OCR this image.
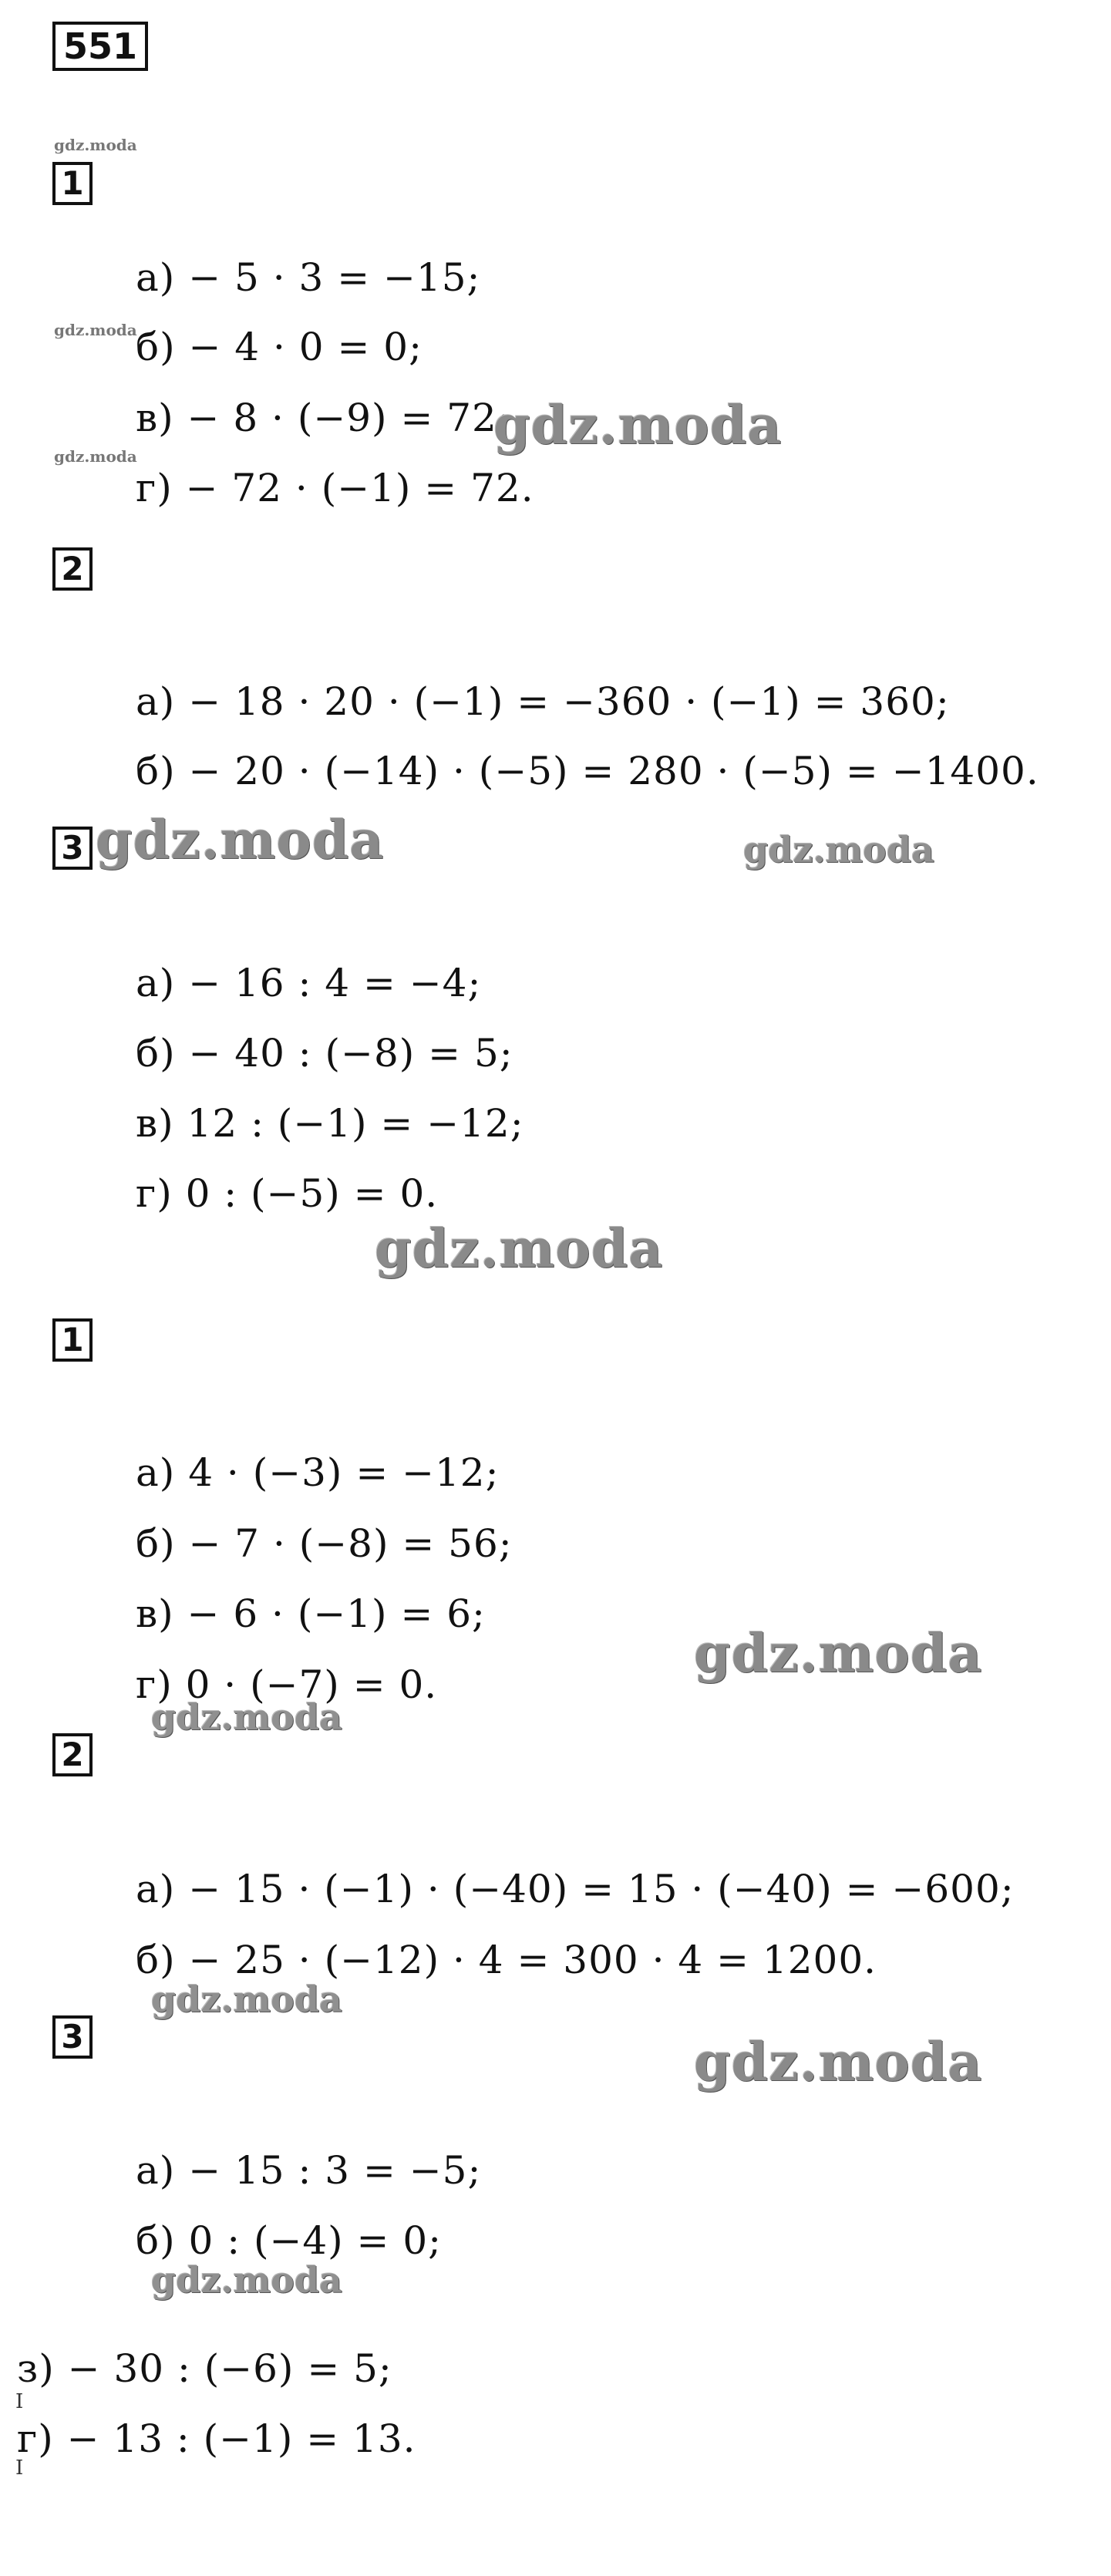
551
1
а) − 5 · 3 = −15;
б) − 4 · 0 = 0;
в) − 8 · (−9) = 72;
г) − 72 · (−1) = 72.
2
а) − 18 · 20 · (−1) = −360 · (−1) = 360;
б) − 20 · (−14) · (−5) = 280 · (−5) = −1400.
3
а) − 16 : 4 = −4;
б) − 40 : (−8) = 5;
в) 12 : (−1) = −12;
г) 0 : (−5) = 0.
1
а) 4 · (−3) = −12;
б) − 7 · (−8) = 56;
в) − 6 · (−1) = 6;
г) 0 · (−7) = 0.
2
а) − 15 · (−1) · (−40) = 15 · (−40) = −600;
б) − 25 · (−12) · 4 = 300 · 4 = 1200.
3
а) − 15 : 3 = −5;
б) 0 : (−4) = 0;
з) − 30 : (−6) = 5;
г) − 13 : (−1) = 13.
gdz.moda
gdz.moda
gdz.moda	gdz.moda
gdz.moda	gdz.moda
gdz.moda
gdz.moda
gdz.moda
gdz.moda
gdz.moda
gdz.moda
I
I
